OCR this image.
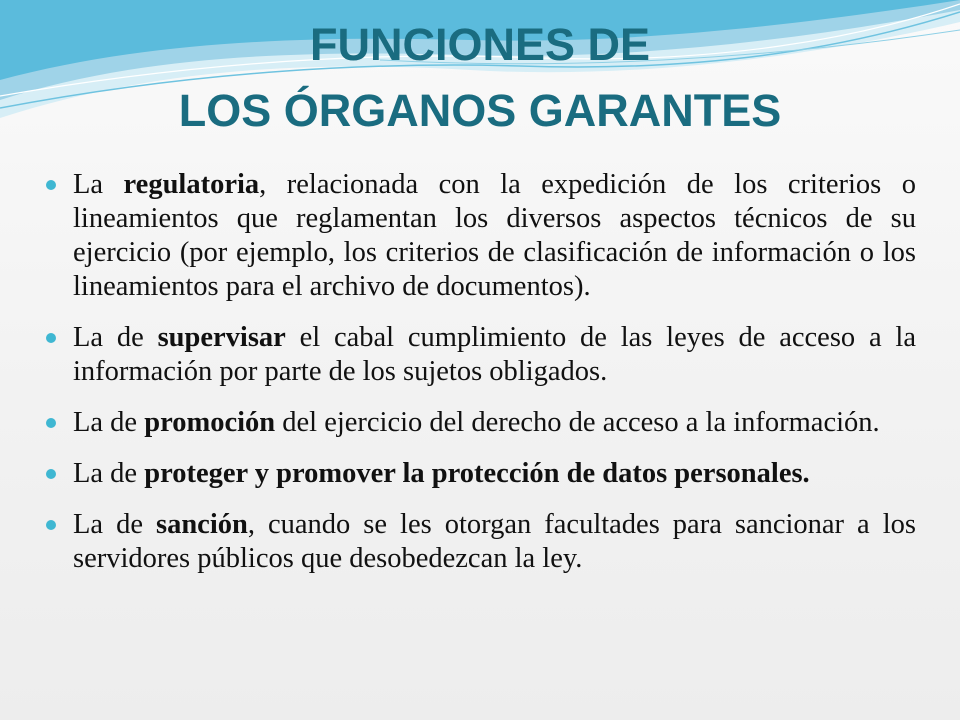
FUNCIONES DE
LOS ÓRGANOS GARANTES
La regulatoria, relacionada con la expedición de los criterios o lineamientos que reglamentan los diversos aspectos técnicos de su ejercicio (por ejemplo, los criterios de clasificación de información o los lineamientos para el archivo de documentos).
La de supervisar el cabal cumplimiento de las leyes de acceso a la información por parte de los sujetos obligados.
La de promoción del ejercicio del derecho de acceso a la información.
La de proteger y promover la protección de datos personales.
La de sanción, cuando se les otorgan facultades para sancionar a los servidores públicos que desobedezcan la ley.
